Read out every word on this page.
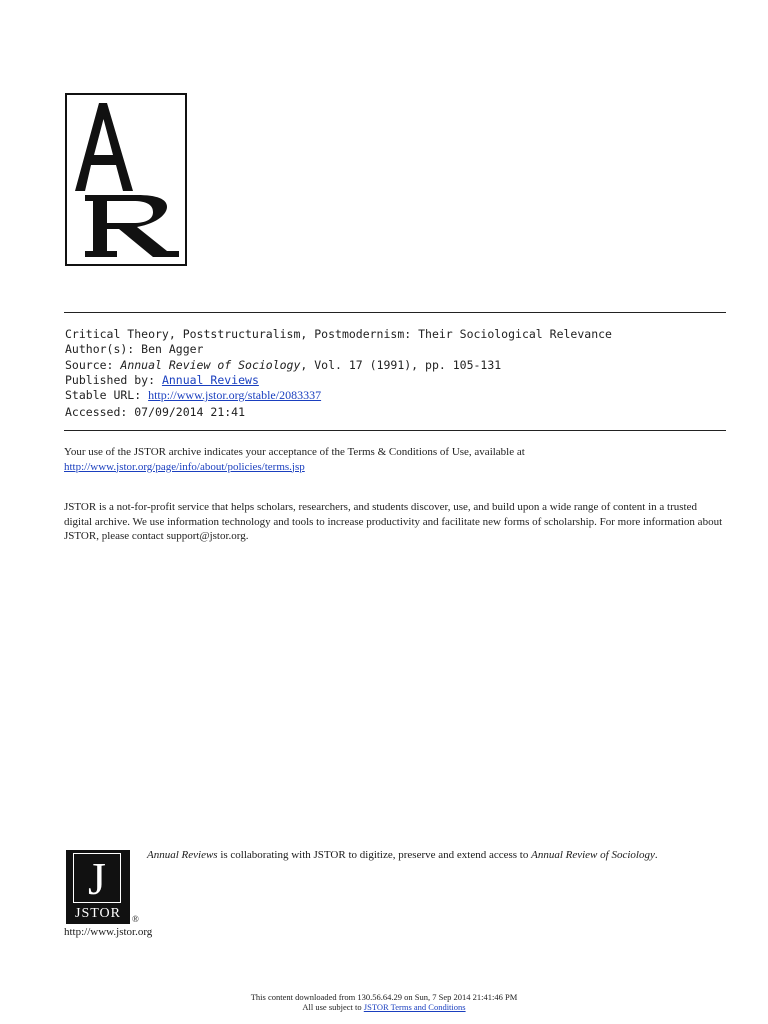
Critical Theory, Poststructuralism, Postmodernism: Their Sociological Relevance
Author(s): Ben Agger
Source: Annual Review of Sociology, Vol. 17 (1991), pp. 105-131
Published by: Annual Reviews
Stable URL: http://www.jstor.org/stable/2083337
Accessed: 07/09/2014 21:41
Your use of the JSTOR archive indicates your acceptance of the Terms & Conditions of Use, available at
http://www.jstor.org/page/info/about/policies/terms.jsp
JSTOR is a not-for-profit service that helps scholars, researchers, and students discover, use, and build upon a wide range of content in a trusted digital archive. We use information technology and tools to increase productivity and facilitate new forms of scholarship. For more information about JSTOR, please contact support@jstor.org.
J
JSTOR	®
Annual Reviews is collaborating with JSTOR to digitize, preserve and extend access to Annual Review of Sociology.
http://www.jstor.org
This content downloaded from 130.56.64.29 on Sun, 7 Sep 2014 21:41:46 PM
All use subject to JSTOR Terms and Conditions
